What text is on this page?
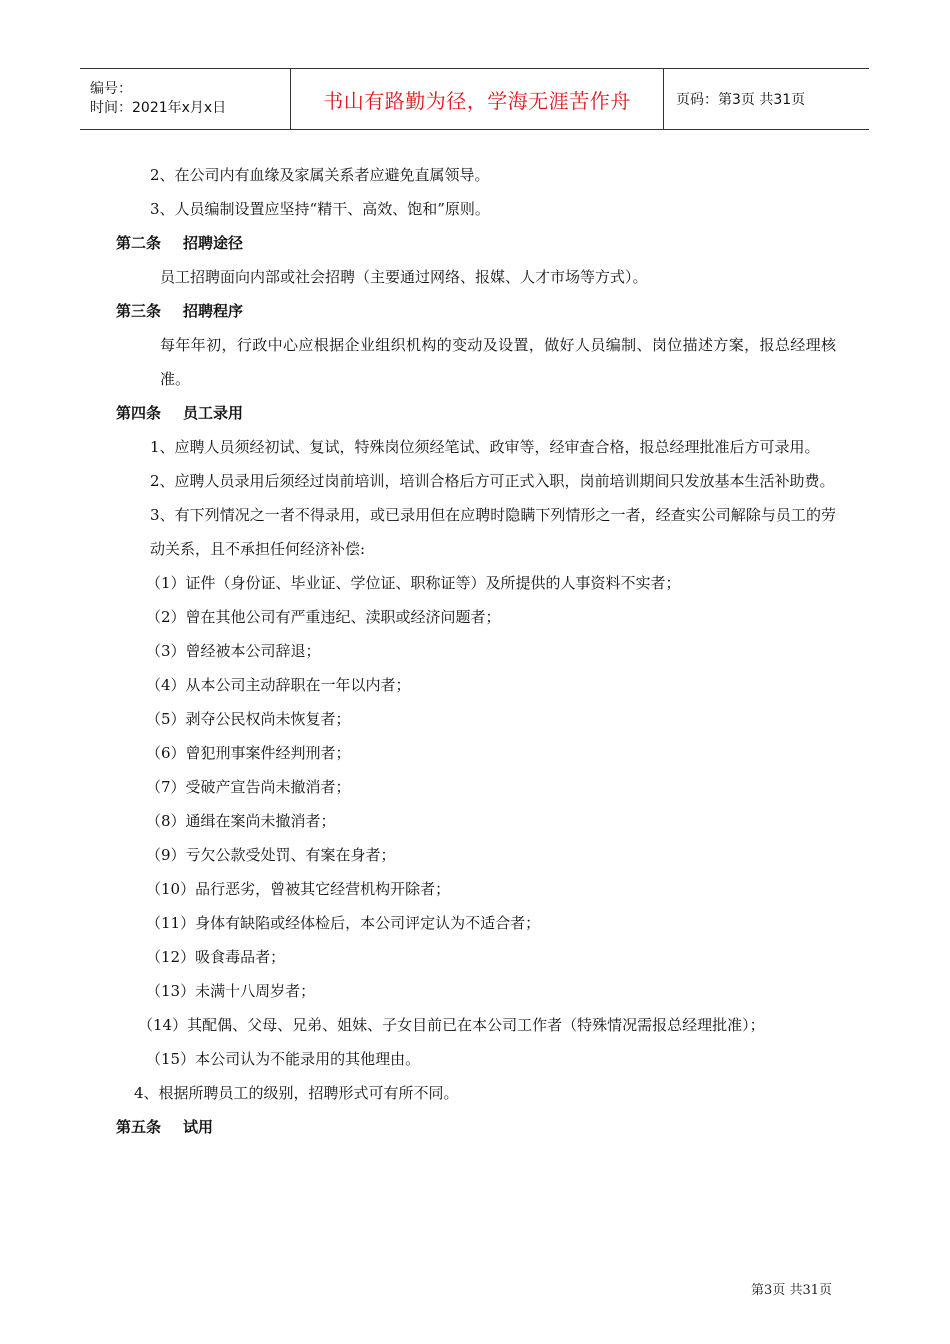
编号：
时间：2021年x月x日	书山有路勤为径，学海无涯苦作舟	页码：第3页 共31页

2、在公司内有血缘及家属关系者应避免直属领导。

3、人员编制设置应坚持“精干、高效、饱和”原则。

第二条 招聘途径

员工招聘面向内部或社会招聘（主要通过网络、报媒、人才市场等方式）。

第三条 招聘程序

每年年初，行政中心应根据企业组织机构的变动及设置，做好人员编制、岗位描述方案，报总经理核准。

第四条 员工录用

1、应聘人员须经初试、复试，特殊岗位须经笔试、政审等，经审查合格，报总经理批准后方可录用。

2、应聘人员录用后须经过岗前培训，培训合格后方可正式入职，岗前培训期间只发放基本生活补助费。

3、有下列情况之一者不得录用，或已录用但在应聘时隐瞒下列情形之一者，经查实公司解除与员工的劳动关系，且不承担任何经济补偿:

（1）证件（身份证、毕业证、学位证、职称证等）及所提供的人事资料不实者；

（2）曾在其他公司有严重违纪、渎职或经济问题者；

（3）曾经被本公司辞退；

（4）从本公司主动辞职在一年以内者；

（5）剥夺公民权尚未恢复者；

（6）曾犯刑事案件经判刑者；

（7）受破产宣告尚未撤消者；

（8）通缉在案尚未撤消者；

（9）亏欠公款受处罚、有案在身者；

（10）品行恶劣，曾被其它经营机构开除者；

（11）身体有缺陷或经体检后，本公司评定认为不适合者；

（12）吸食毒品者；

（13）未满十八周岁者；

（14）其配偶、父母、兄弟、姐妹、子女目前已在本公司工作者（特殊情况需报总经理批准）；

（15）本公司认为不能录用的其他理由。

4、根据所聘员工的级别，招聘形式可有所不同。

第五条 试用

第3页 共31页
